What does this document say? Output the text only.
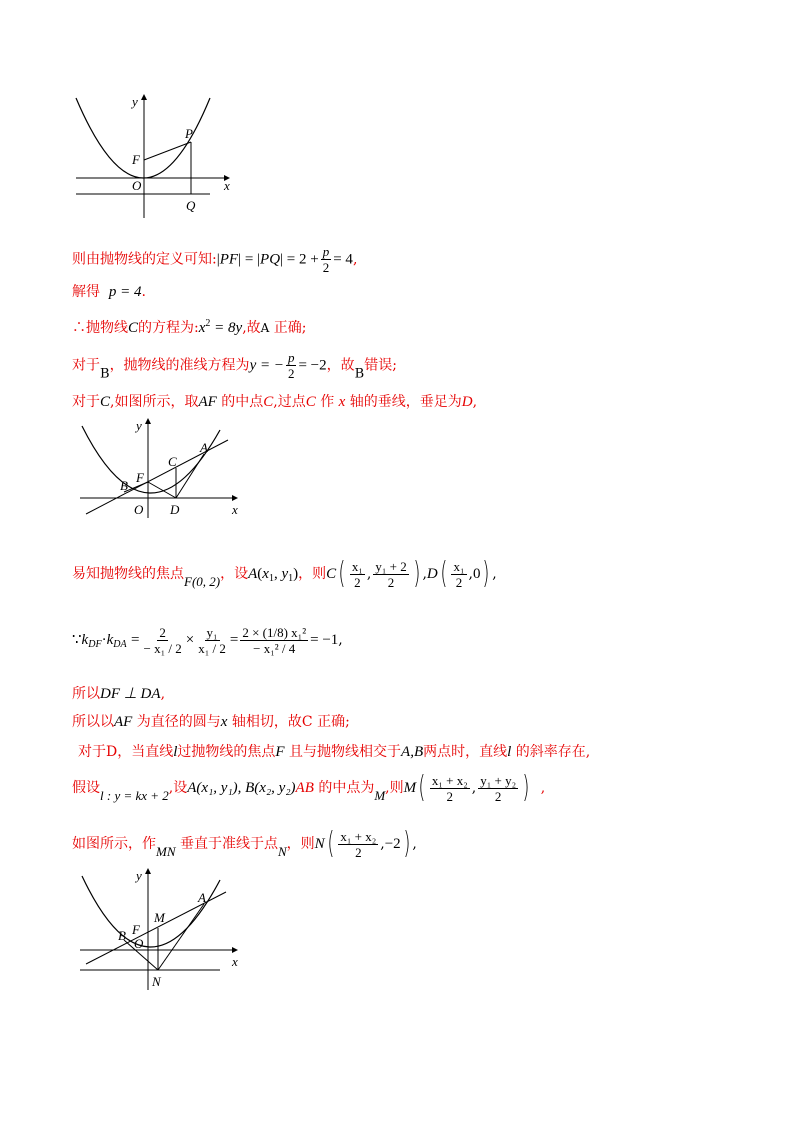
y
x
P
F
O
Q
则由抛物线的定义可知:|PF| = $|PQ| = 2 + \frac{p}{2} = 4$,
解得 p = 4.
∴抛物线C的方程为$:x^2 = 8y$,故A 正确;
对于B，抛物线的准线方程为y = − $\frac{p}{2} = -2$，故B错误;
对于C,如图所示，取AF 的中点C,过点C 作 x 轴的垂线，垂足为D,
y
x
A
C
B
F
O D
易知抛物线的焦点F(0, 2)，设$A(x_1$, $y_1$)，则$C( \frac{\text{x₁}}{2}$ , $\frac{\text{y₁ + 2}}{2}$ ) $,D( \frac{\text{x₁}}{2} ,0)$ ,
$\because k_{DF}\cdot k_{DA} = \frac{2}{\text{− x₁ / 2}} \times \frac{\text{y₁}}{\text{x₁ / 2}} = \frac{\text{2 × (1/8) x₁²}}{\text{− x₁² / 4}} = -1$,
所以DF ⊥ DA,
所以以AF 为直径的圆与x 轴相切，故C 正确;
对于D，当直线l过抛物线的焦点F 且与抛物线相交于A,B两点时，直线l 的斜率存在,
假设l : y = kx + 2,设A(x₁, y₁), B(x₂, y₂)AB 的中点为M,则$M( \frac{\text{x₁ + x₂}}{2}$ , $\frac{\text{y₁ + y₂}}{2}$ ) ,
如图所示，作MN 垂直于准线于点N，则$N( \frac{\text{x₁ + x₂}}{2} ,-2)$ ,
y
x
A
M
B F
O
N
